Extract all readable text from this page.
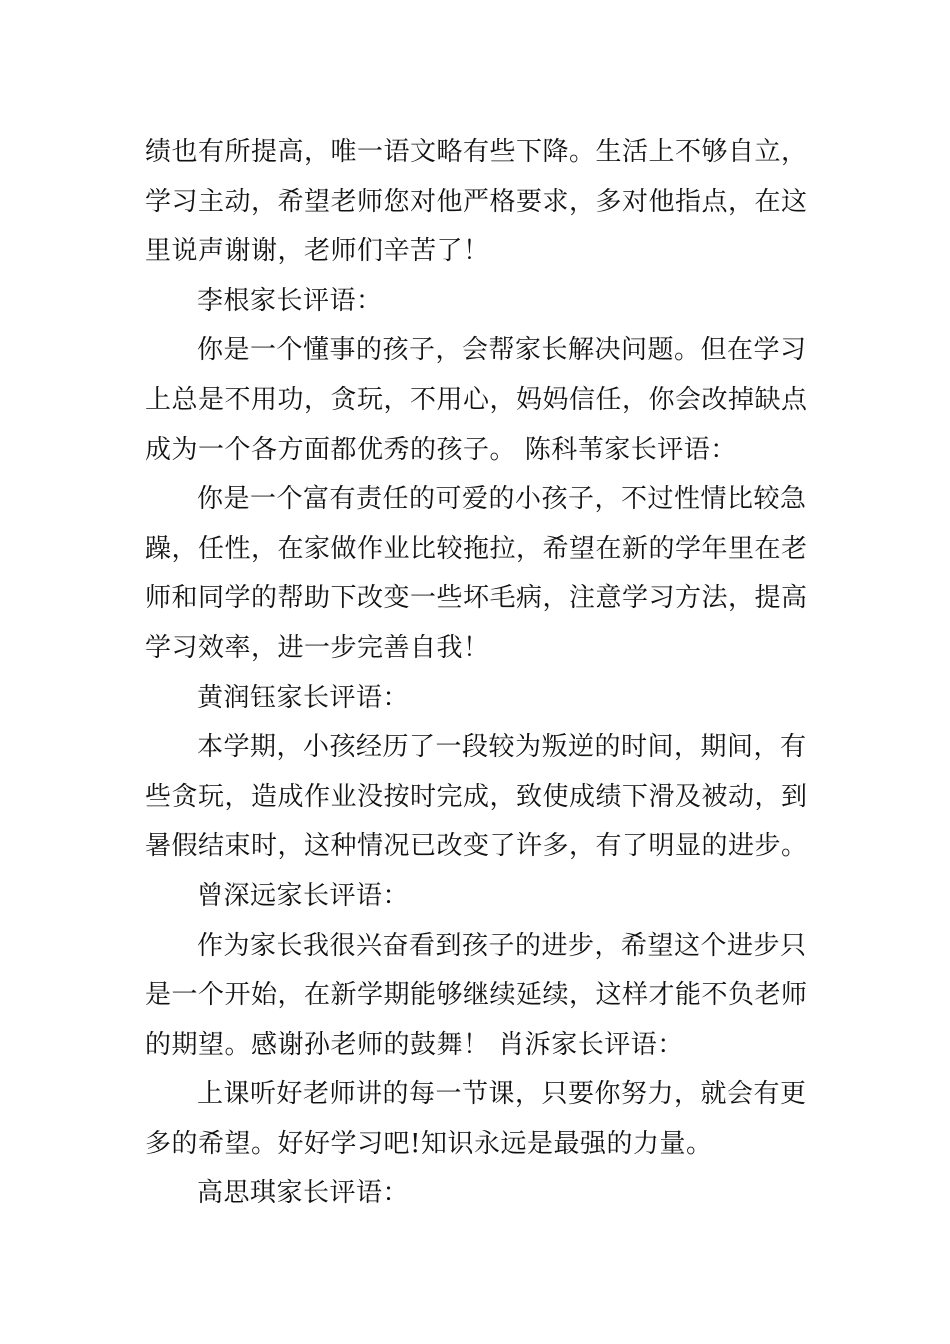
绩也有所提高，唯一语文略有些下降。生活上不够自立，
学习主动，希望老师您对他严格要求，多对他指点，在这
里说声谢谢，老师们辛苦了！
李根家长评语：
你是一个懂事的孩子，会帮家长解决问题。但在学习
上总是不用功，贪玩，不用心，妈妈信任，你会改掉缺点
成为一个各方面都优秀的孩子。 陈科苇家长评语：
你是一个富有责任的可爱的小孩子，不过性情比较急
躁，任性，在家做作业比较拖拉，希望在新的学年里在老
师和同学的帮助下改变一些坏毛病，注意学习方法，提高
学习效率，进一步完善自我！
黄润钰家长评语：
本学期，小孩经历了一段较为叛逆的时间，期间，有
些贪玩，造成作业没按时完成，致使成绩下滑及被动，到
暑假结束时，这种情况已改变了许多，有了明显的进步。
曾深远家长评语：
作为家长我很兴奋看到孩子的进步，希望这个进步只
是一个开始，在新学期能够继续延续，这样才能不负老师
的期望。感谢孙老师的鼓舞！ 肖泝家长评语：
上课听好老师讲的每一节课，只要你努力，就会有更
多的希望。好好学习吧!知识永远是最强的力量。
高思琪家长评语：
